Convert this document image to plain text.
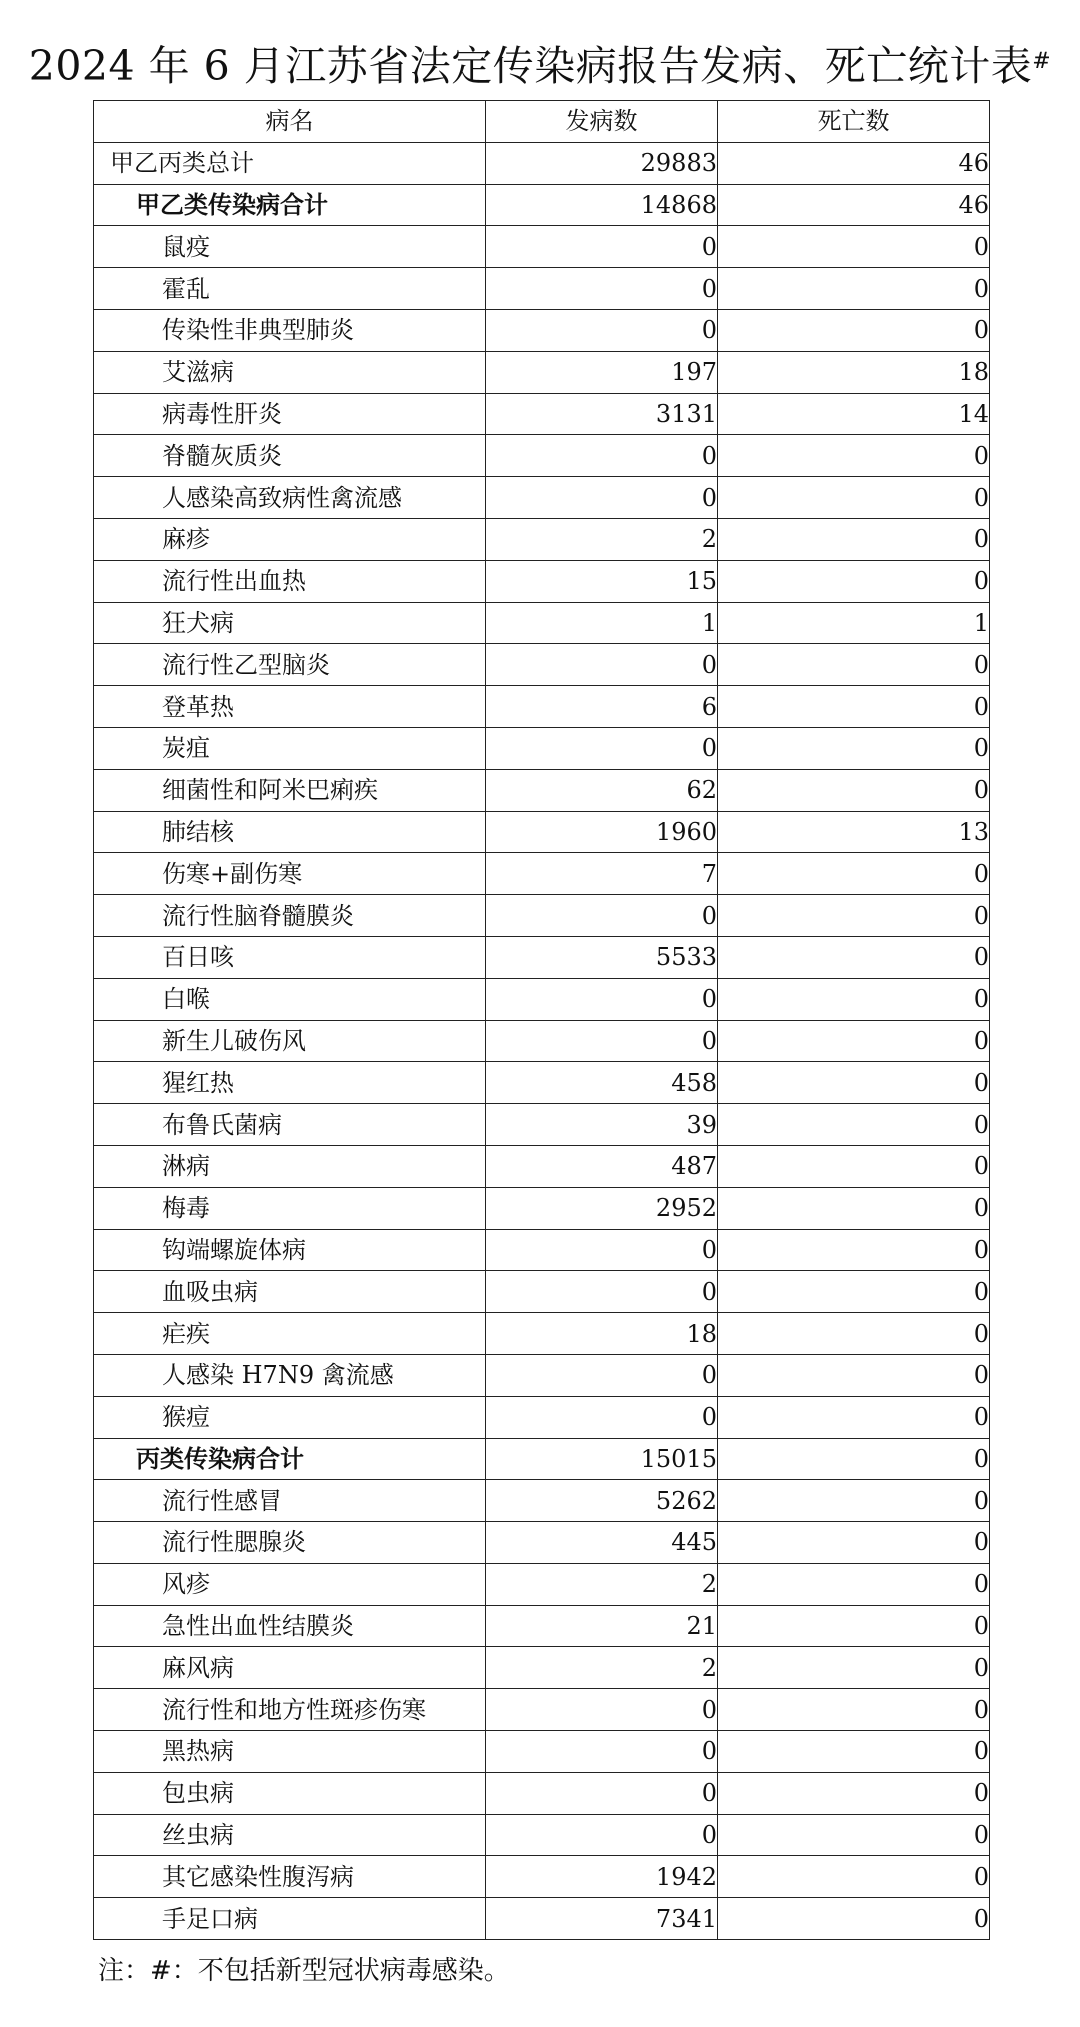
2024 年 6 月江苏省法定传染病报告发病、死亡统计表#
病名	发病数	死亡数
甲乙丙类总计	29883	46
甲乙类传染病合计	14868	46
鼠疫	0	0
霍乱	0	0
传染性非典型肺炎	0	0
艾滋病	197	18
病毒性肝炎	3131	14
脊髓灰质炎	0	0
人感染高致病性禽流感	0	0
麻疹	2	0
流行性出血热	15	0
狂犬病	1	1
流行性乙型脑炎	0	0
登革热	6	0
炭疽	0	0
细菌性和阿米巴痢疾	62	0
肺结核	1960	13
伤寒+副伤寒	7	0
流行性脑脊髓膜炎	0	0
百日咳	5533	0
白喉	0	0
新生儿破伤风	0	0
猩红热	458	0
布鲁氏菌病	39	0
淋病	487	0
梅毒	2952	0
钩端螺旋体病	0	0
血吸虫病	0	0
疟疾	18	0
人感染 H7N9 禽流感	0	0
猴痘	0	0
丙类传染病合计	15015	0
流行性感冒	5262	0
流行性腮腺炎	445	0
风疹	2	0
急性出血性结膜炎	21	0
麻风病	2	0
流行性和地方性斑疹伤寒	0	0
黑热病	0	0
包虫病	0	0
丝虫病	0	0
其它感染性腹泻病	1942	0
手足口病	7341	0
注：#：不包括新型冠状病毒感染。
